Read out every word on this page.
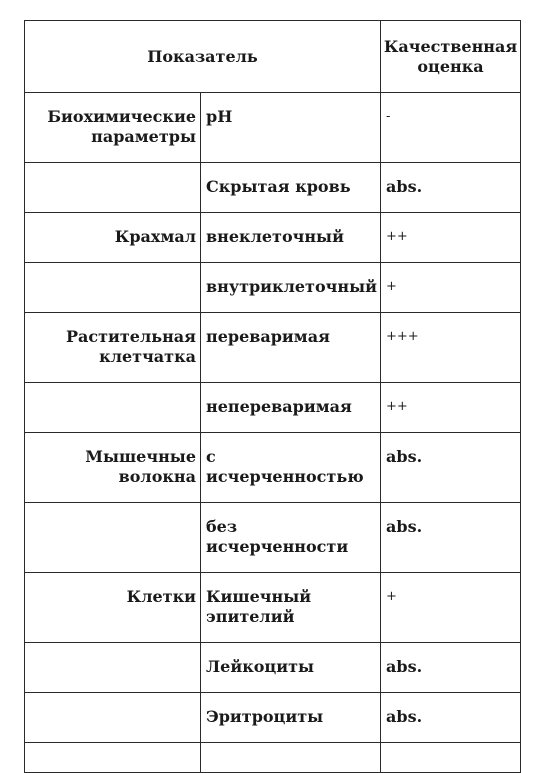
Показатель		Качественная оценка
Биохимические параметры	pH	-
	Скрытая кровь	abs.
Крахмал	внеклеточный	++
	внутриклеточный	+
Растительная клетчатка	переваримая	+++
	непереваримая	++
Мышечные волокна	с исчерченностью	abs.
	без исчерченности	abs.
Клетки	Кишечный эпителий	+
	Лейкоциты	abs.
	Эритроциты	abs.
